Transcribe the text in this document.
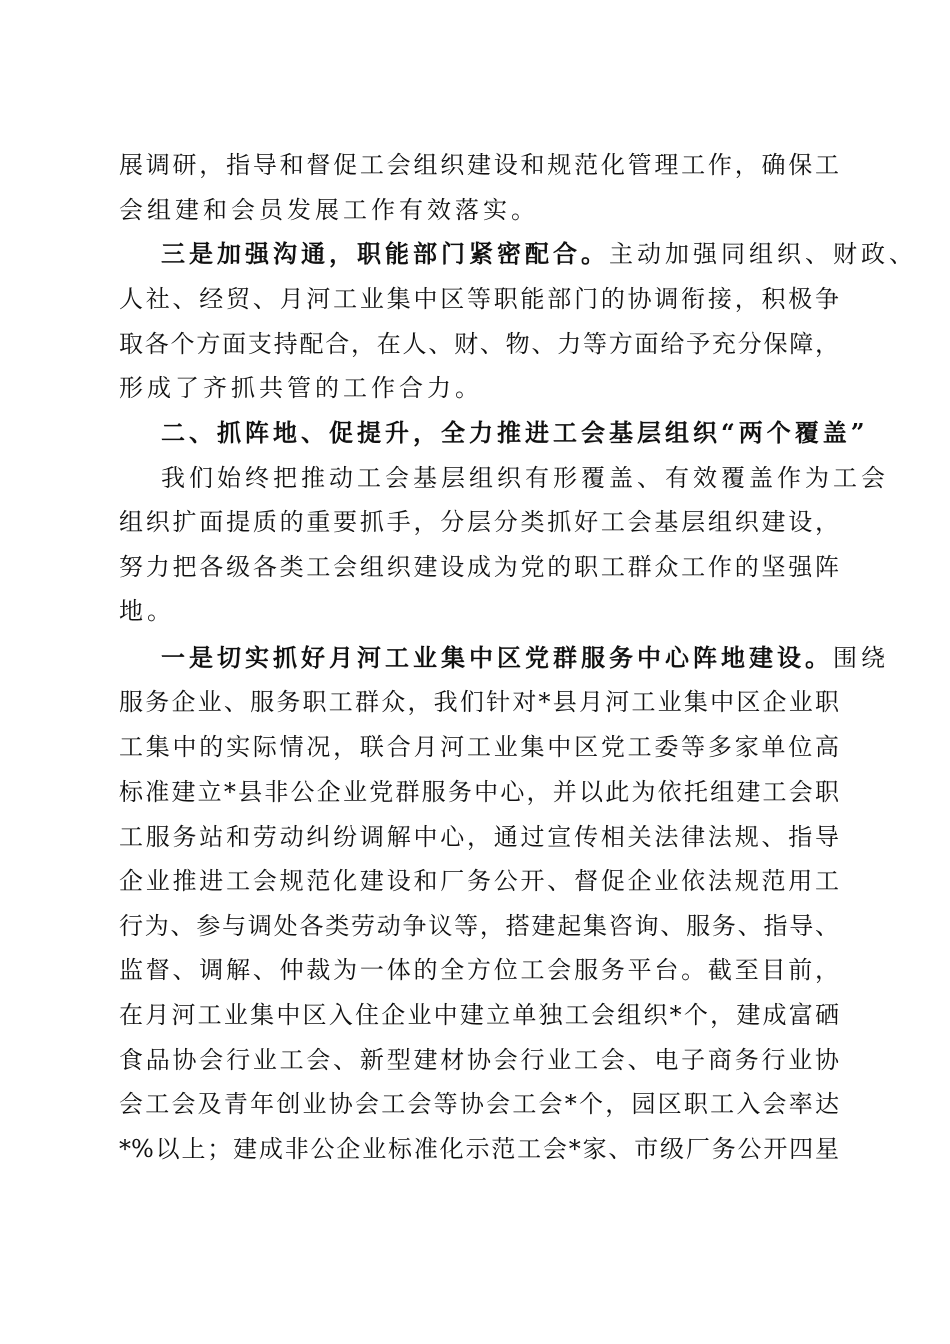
展调研，指导和督促工会组织建设和规范化管理工作，确保工
会组建和会员发展工作有效落实。
三是加强沟通，职能部门紧密配合。主动加强同组织、财政、
人社、经贸、月河工业集中区等职能部门的协调衔接，积极争
取各个方面支持配合，在人、财、物、力等方面给予充分保障，
形成了齐抓共管的工作合力。
二、抓阵地、促提升，全力推进工会基层组织“两个覆盖”
我们始终把推动工会基层组织有形覆盖、有效覆盖作为工会
组织扩面提质的重要抓手，分层分类抓好工会基层组织建设，
努力把各级各类工会组织建设成为党的职工群众工作的坚强阵
地。
一是切实抓好月河工业集中区党群服务中心阵地建设。围绕
服务企业、服务职工群众，我们针对*县月河工业集中区企业职
工集中的实际情况，联合月河工业集中区党工委等多家单位高
标准建立*县非公企业党群服务中心，并以此为依托组建工会职
工服务站和劳动纠纷调解中心，通过宣传相关法律法规、指导
企业推进工会规范化建设和厂务公开、督促企业依法规范用工
行为、参与调处各类劳动争议等，搭建起集咨询、服务、指导、
监督、调解、仲裁为一体的全方位工会服务平台。截至目前，
在月河工业集中区入住企业中建立单独工会组织*个，建成富硒
食品协会行业工会、新型建材协会行业工会、电子商务行业协
会工会及青年创业协会工会等协会工会*个，园区职工入会率达
*%以上；建成非公企业标准化示范工会*家、市级厂务公开四星
